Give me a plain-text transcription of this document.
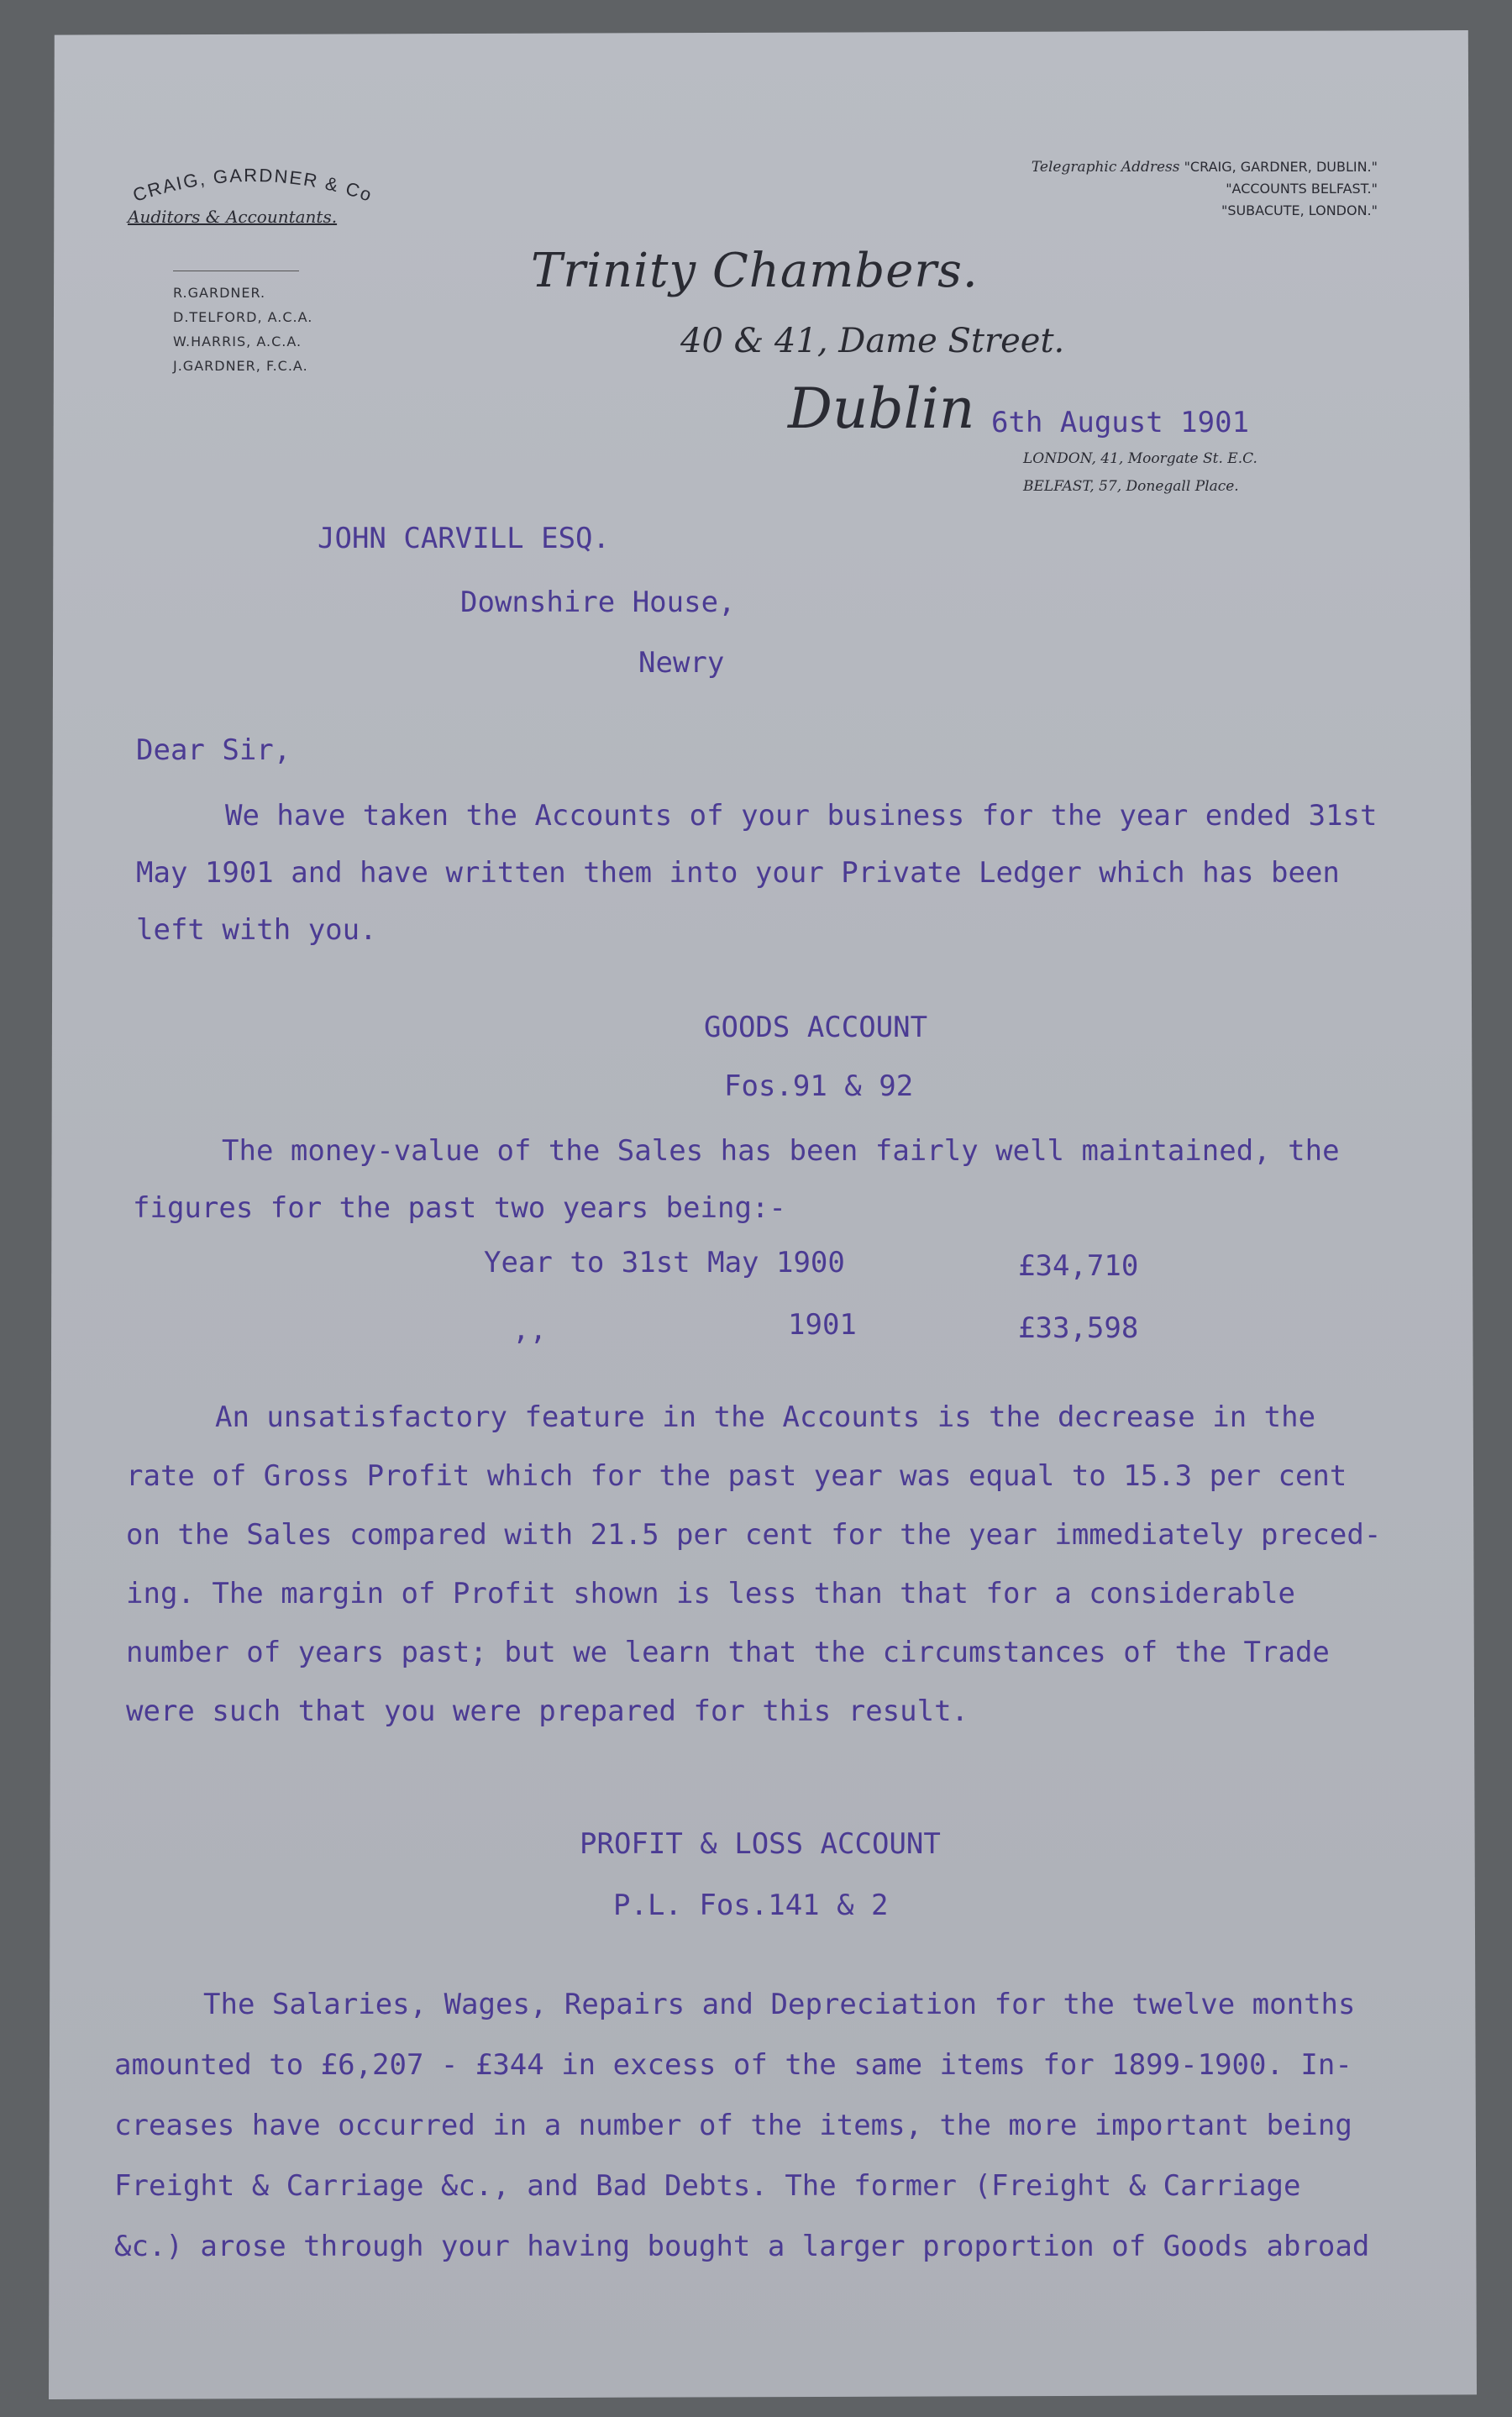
CRAIG, GARDNER & Co
Auditors & Accountants.
R.GARDNER.
D.TELFORD, A.C.A.
W.HARRIS, A.C.A.
J.GARDNER, F.C.A.
Telegraphic Address "CRAIG, GARDNER, DUBLIN."
"ACCOUNTS BELFAST."
"SUBACUTE, LONDON."
Trinity Chambers.
40 & 41, Dame Street.
Dublin 6th August 1901
LONDON, 41, Moorgate St. E.C.
BELFAST, 57, Donegall Place.
JOHN CARVILL ESQ.
Downshire House,
Newry
Dear Sir,
We have taken the Accounts of your business for the year ended 31st
May 1901 and have written them into your Private Ledger which has been
left with you.
GOODS ACCOUNT
Fos.91 & 92
The money-value of the Sales has been fairly well maintained, the
figures for the past two years being:-
Year to 31st May 1900	£34,710
,,	1901	£33,598
An unsatisfactory feature in the Accounts is the decrease in the
rate of Gross Profit which for the past year was equal to 15.3 per cent
on the Sales compared with 21.5 per cent for the year immediately preced-
ing. The margin of Profit shown is less than that for a considerable
number of years past; but we learn that the circumstances of the Trade
were such that you were prepared for this result.
PROFIT & LOSS ACCOUNT
P.L. Fos.141 & 2
The Salaries, Wages, Repairs and Depreciation for the twelve months
amounted to £6,207 - £344 in excess of the same items for 1899-1900. In-
creases have occurred in a number of the items, the more important being
Freight & Carriage &c., and Bad Debts. The former (Freight & Carriage
&c.) arose through your having bought a larger proportion of Goods abroad
